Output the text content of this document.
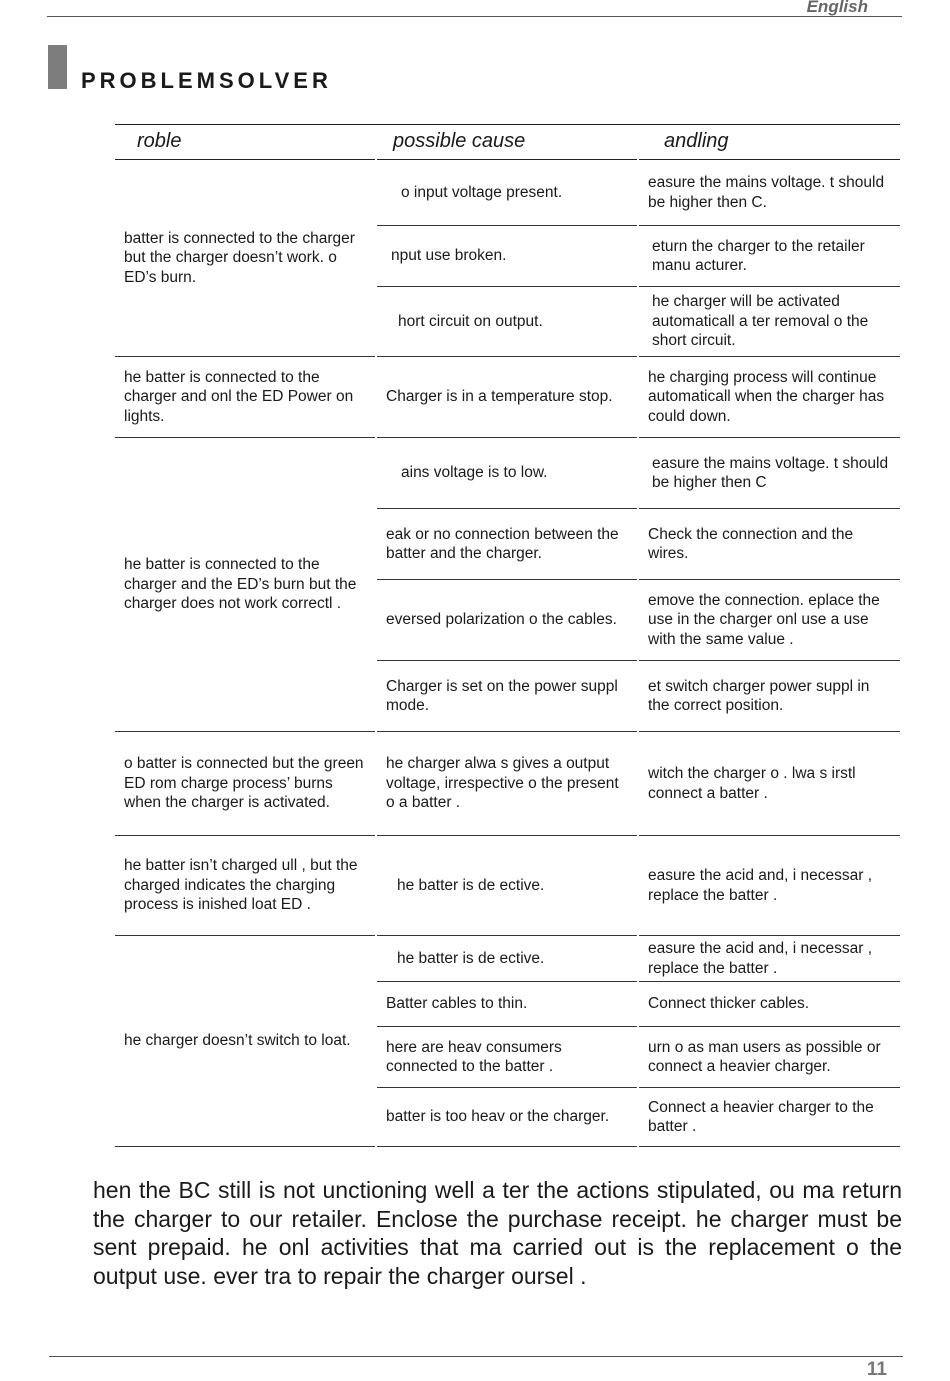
English
PROBLEMSOLVER
roble	possible cause	andling
batter is connected to the charger but the charger doesn’t work. o ED’s burn.	o input voltage present.	easure the mains voltage. t should be higher then C.
	nput use broken.	eturn the charger to the retailer manu acturer.
	hort circuit on output.	he charger will be activated automaticall a ter removal o the short circuit.
he batter is connected to the charger and onl the ED Power on lights.	Charger is in a temperature stop.	he charging process will continue automaticall when the charger has could down.
he batter is connected to the charger and the ED’s burn but the charger does not work correctl .	ains voltage is to low.	easure the mains voltage. t should be higher then C
	eak or no connection between the batter and the charger.	Check the connection and the wires.
	eversed polarization o the cables.	emove the connection. eplace the use in the charger onl use a use with the same value .
	Charger is set on the power suppl mode.	et switch charger power suppl in the correct position.
o batter is connected but the green ED rom charge process’ burns when the charger is activated.	he charger alwa s gives a output voltage, irrespective o the present o a batter .	witch the charger o . lwa s irstl connect a batter .
he batter isn’t charged ull , but the charged indicates the charging process is inished loat ED .	he batter is de ective.	easure the acid and, i necessar , replace the batter .
he charger doesn’t switch to loat.	he batter is de ective.	easure the acid and, i necessar , replace the batter .
	Batter cables to thin.	Connect thicker cables.
	here are heav consumers connected to the batter .	urn o as man users as possible or connect a heavier charger.
	batter is too heav or the charger.	Connect a heavier charger to the batter .
hen the BC still is not unctioning well a ter the actions stipulated, ou ma return the charger to our retailer. Enclose the purchase receipt. he charger must be sent prepaid. he onl activities that ma carried out is the replacement o the output use. ever tra to repair the charger oursel .
11
